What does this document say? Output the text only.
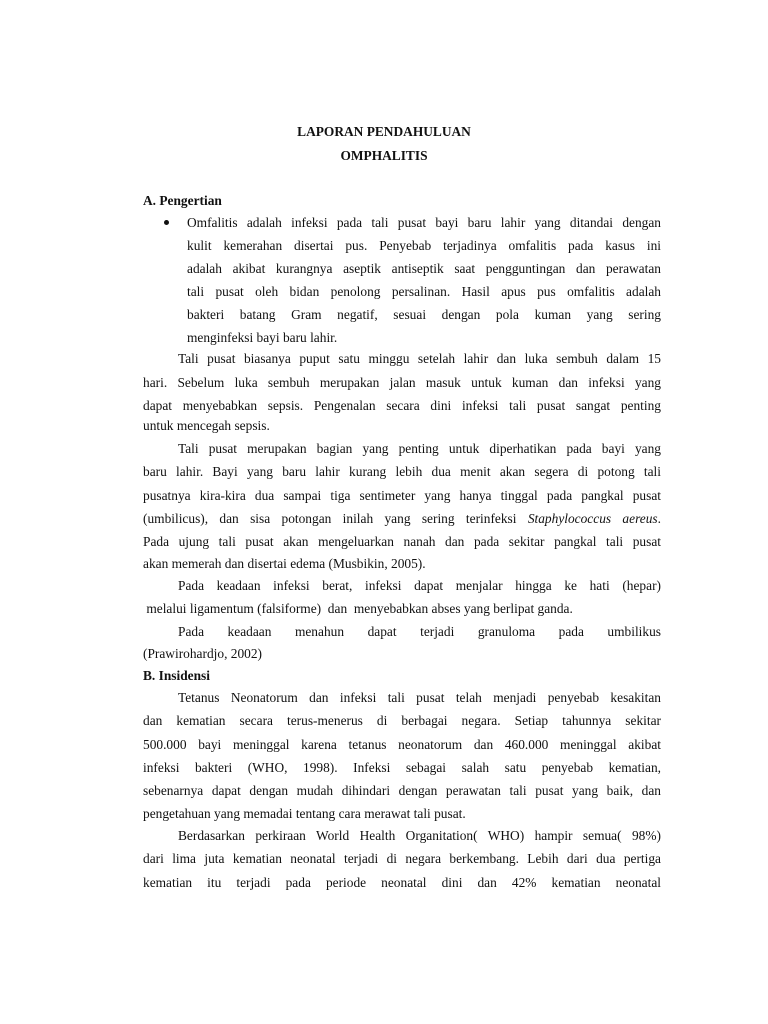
LAPORAN PENDAHULUAN
OMPHALITIS
A. Pengertian
Omfalitis adalah infeksi pada tali pusat bayi baru lahir yang ditandai dengan
kulit kemerahan disertai pus. Penyebab terjadinya omfalitis pada kasus ini
adalah akibat kurangnya aseptik antiseptik saat pengguntingan dan perawatan
tali pusat oleh bidan penolong persalinan. Hasil apus pus omfalitis adalah
bakteri batang Gram negatif, sesuai dengan pola kuman yang sering
menginfeksi bayi baru lahir.
Tali pusat biasanya puput satu minggu setelah lahir dan luka sembuh dalam 15
hari. Sebelum luka sembuh merupakan jalan masuk untuk kuman dan infeksi yang
dapat menyebabkan sepsis. Pengenalan secara dini infeksi tali pusat sangat penting
untuk mencegah sepsis.
Tali pusat merupakan bagian yang penting untuk diperhatikan pada bayi yang
baru lahir. Bayi yang baru lahir kurang lebih dua menit akan segera di potong tali
pusatnya kira-kira dua sampai tiga sentimeter yang hanya tinggal pada pangkal pusat
(umbilicus), dan sisa potongan inilah yang sering terinfeksi Staphylococcus aereus.
Pada ujung tali pusat akan mengeluarkan nanah dan pada sekitar pangkal tali pusat
akan memerah dan disertai edema (Musbikin, 2005).
Pada keadaan infeksi berat, infeksi dapat menjalar hingga ke hati (hepar)
melalui ligamentum (falsiforme)  dan  menyebabkan abses yang berlipat ganda.
Pada keadaan menahun dapat terjadi granuloma pada umbilikus
(Prawirohardjo, 2002)
B. Insidensi
Tetanus Neonatorum dan infeksi tali pusat telah menjadi penyebab kesakitan
dan kematian secara terus-menerus di berbagai negara. Setiap tahunnya sekitar
500.000 bayi meninggal karena tetanus neonatorum dan 460.000 meninggal akibat
infeksi bakteri (WHO, 1998). Infeksi sebagai salah satu penyebab kematian,
sebenarnya dapat dengan mudah dihindari dengan perawatan tali pusat yang baik, dan
pengetahuan yang memadai tentang cara merawat tali pusat.
Berdasarkan perkiraan World Health Organitation( WHO) hampir semua( 98%)
dari lima juta kematian neonatal terjadi di negara berkembang. Lebih dari dua pertiga
kematian itu terjadi pada periode neonatal dini dan 42% kematian neonatal
